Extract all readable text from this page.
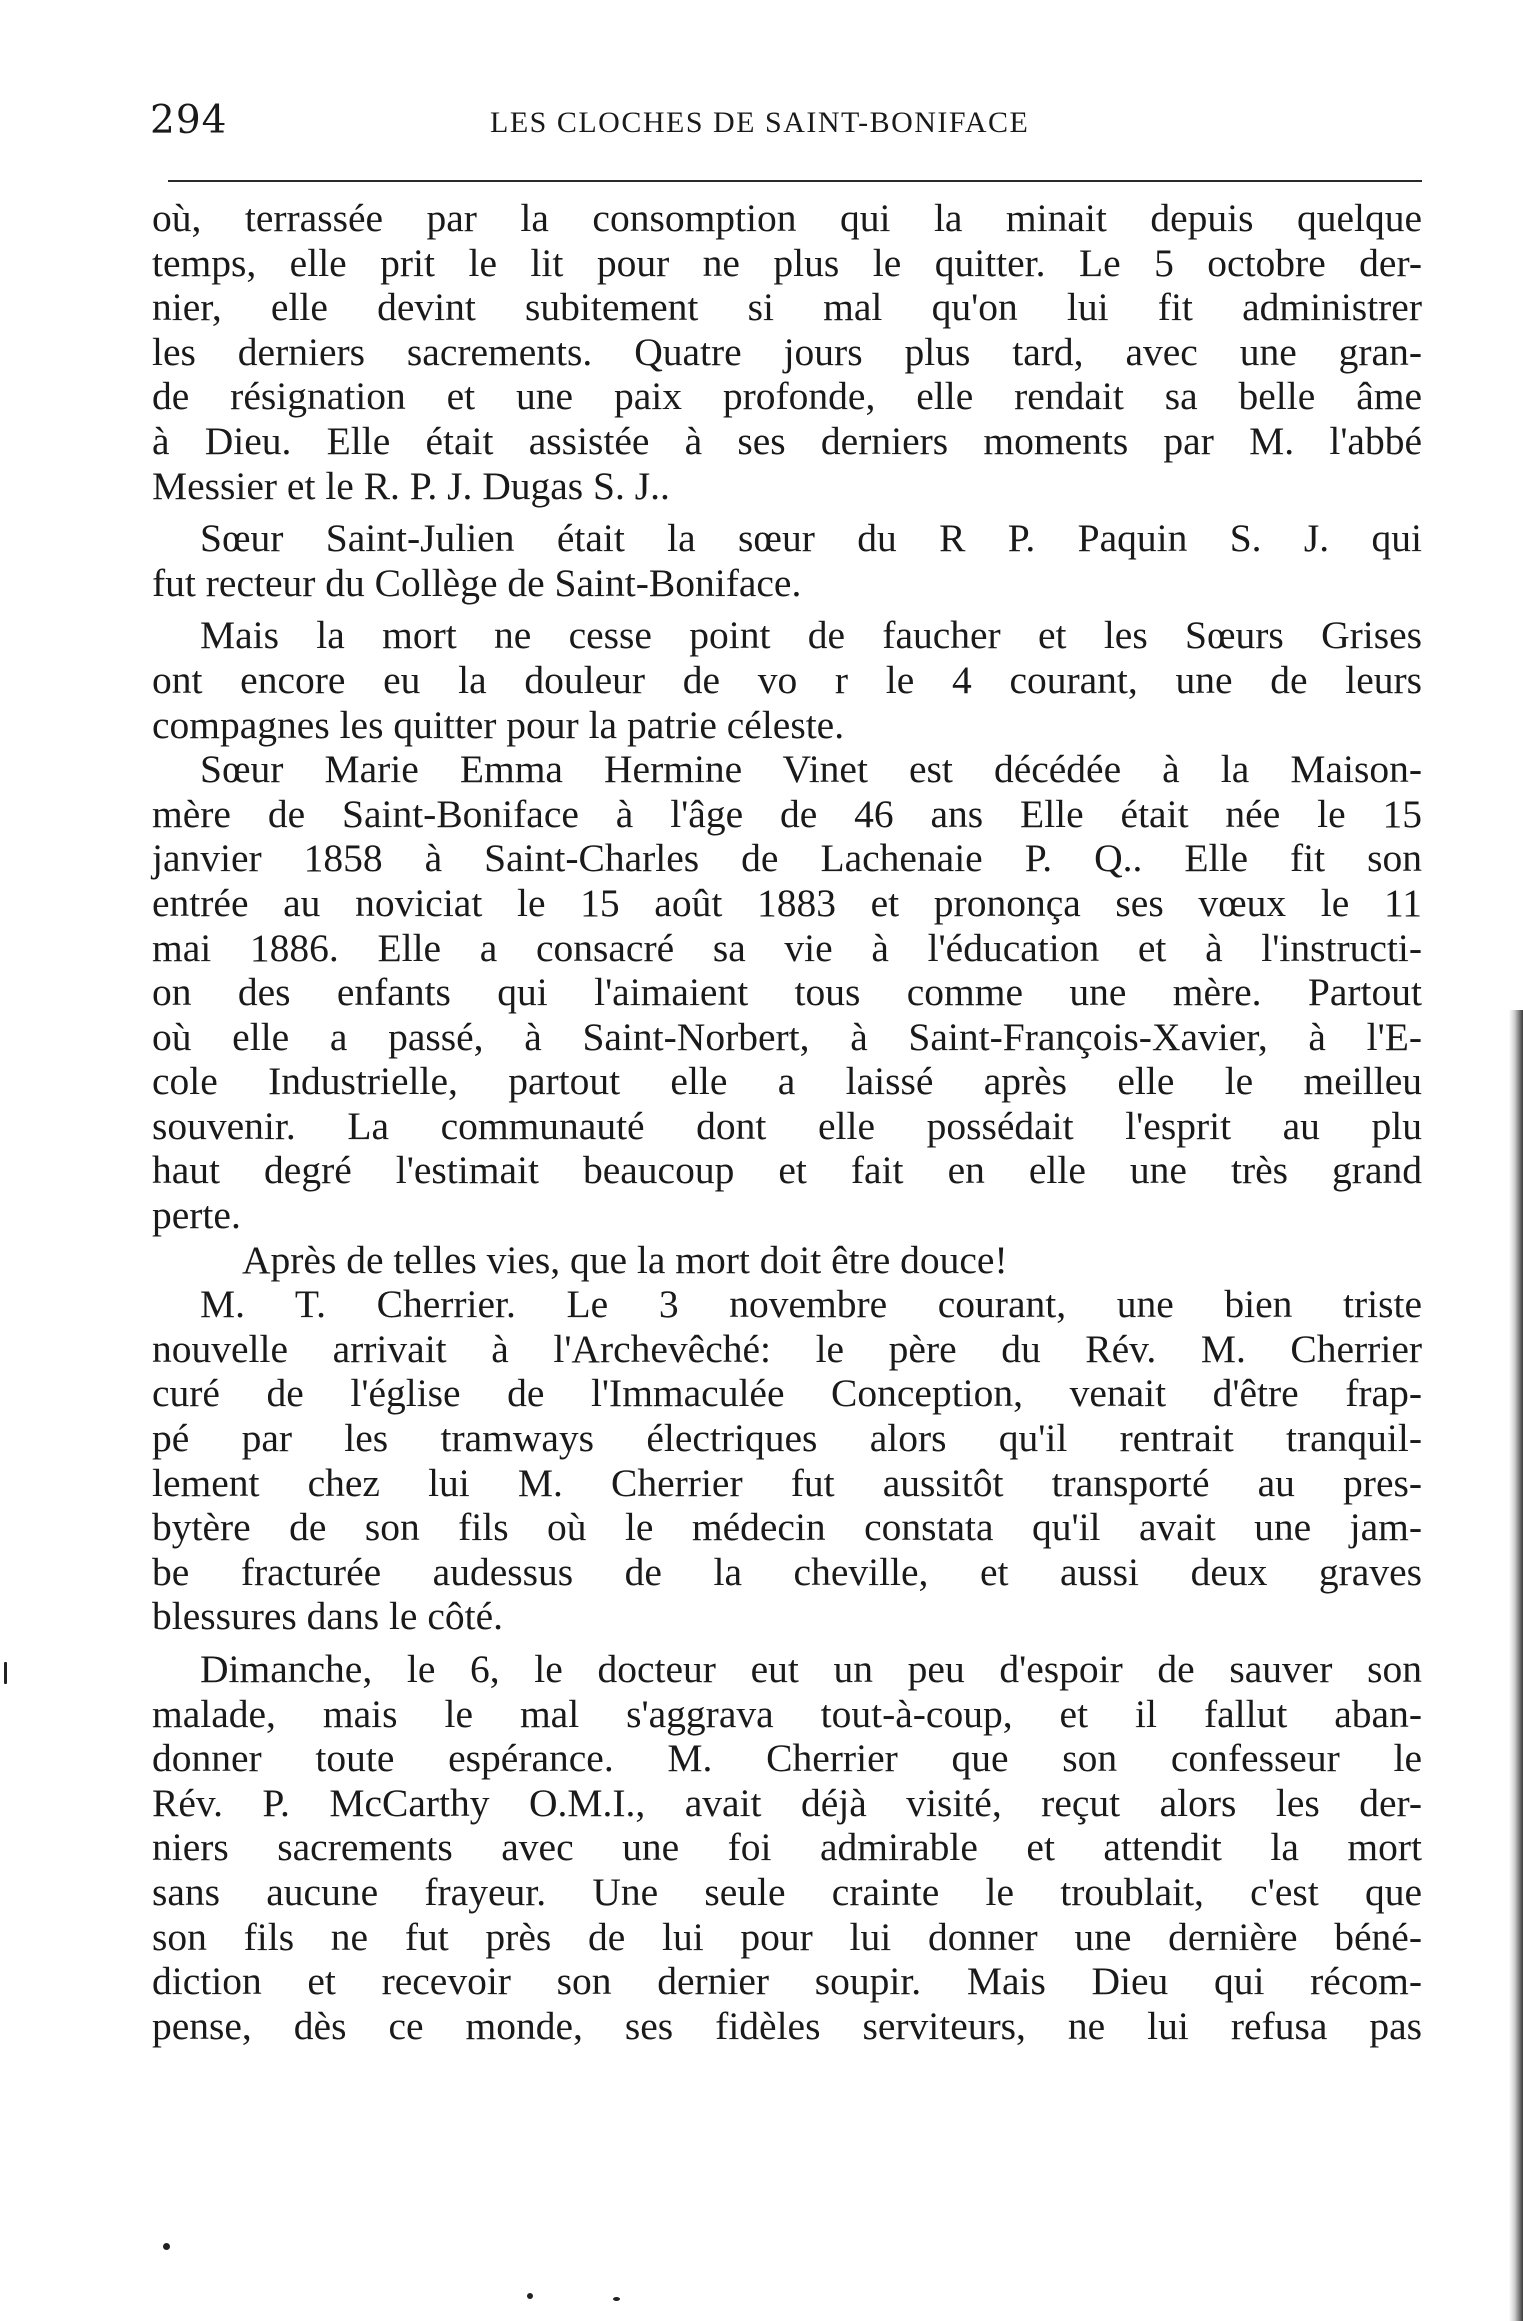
294	LES CLOCHES DE SAINT-BONIFACE
où, terrassée par la consomption qui la minait depuis quelque
temps, elle prit le lit pour ne plus le quitter. Le 5 octobre der-
nier, elle devint subitement si mal qu'on lui fit administrer
les derniers sacrements. Quatre jours plus tard, avec une gran-
de résignation et une paix profonde, elle rendait sa belle âme
à Dieu. Elle était assistée à ses derniers moments par M. l'abbé
Messier et le R. P. J. Dugas S. J..
Sœur Saint-Julien était la sœur du R P. Paquin S. J. qui
fut recteur du Collège de Saint-Boniface.
Mais la mort ne cesse point de faucher et les Sœurs Grises
ont encore eu la douleur de vo r le 4 courant, une de leurs
compagnes les quitter pour la patrie céleste.
Sœur Marie Emma Hermine Vinet est décédée à la Maison-
mère de Saint-Boniface à l'âge de 46 ans Elle était née le 15
janvier 1858 à Saint-Charles de Lachenaie P. Q.. Elle fit son
entrée au noviciat le 15 août 1883 et prononça ses vœux le 11
mai 1886. Elle a consacré sa vie à l'éducation et à l'instructi-
on des enfants qui l'aimaient tous comme une mère. Partout
où elle a passé, à Saint-Norbert, à Saint-François-Xavier, à l'E-
cole Industrielle, partout elle a laissé après elle le meilleu
souvenir. La communauté dont elle possédait l'esprit au plu
haut degré l'estimait beaucoup et fait en elle une très grand
perte.
Après de telles vies, que la mort doit être douce!
M. T. Cherrier. Le 3 novembre courant, une bien triste
nouvelle arrivait à l'Archevêché: le père du Rév. M. Cherrier
curé de l'église de l'Immaculée Conception, venait d'être frap-
pé par les tramways électriques alors qu'il rentrait tranquil-
lement chez lui M. Cherrier fut aussitôt transporté au pres-
bytère de son fils où le médecin constata qu'il avait une jam-
be fracturée audessus de la cheville, et aussi deux graves
blessures dans le côté.
Dimanche, le 6, le docteur eut un peu d'espoir de sauver son
malade, mais le mal s'aggrava tout-à-coup, et il fallut aban-
donner toute espérance. M. Cherrier que son confesseur le
Rév. P. McCarthy O.M.I., avait déjà visité, reçut alors les der-
niers sacrements avec une foi admirable et attendit la mort
sans aucune frayeur. Une seule crainte le troublait, c'est que
son fils ne fut près de lui pour lui donner une dernière béné-
diction et recevoir son dernier soupir. Mais Dieu qui récom-
pense, dès ce monde, ses fidèles serviteurs, ne lui refusa pas
